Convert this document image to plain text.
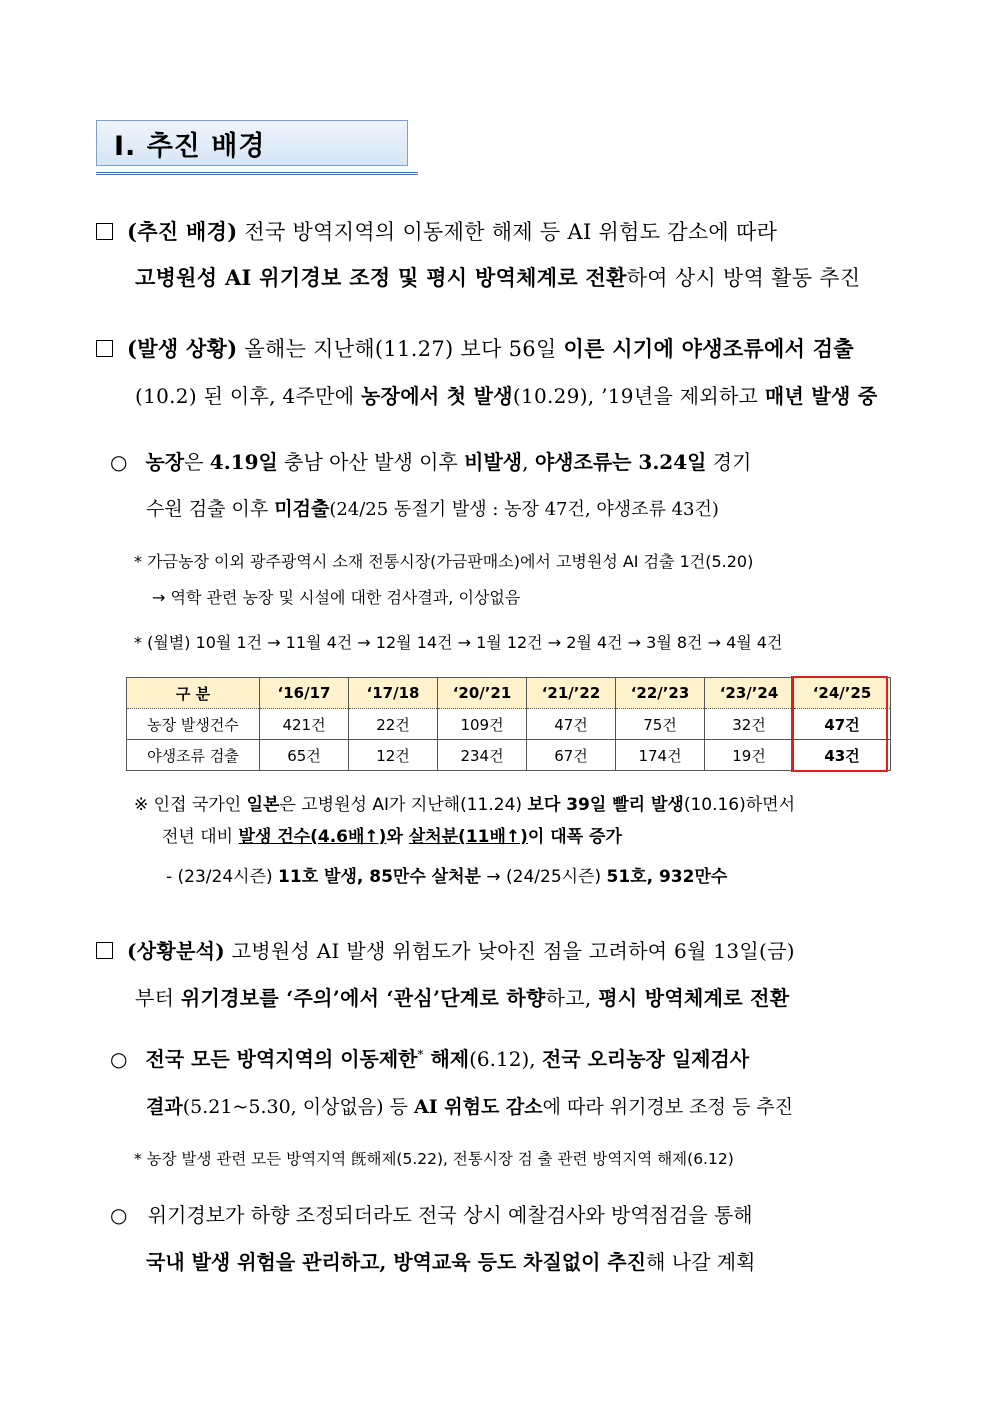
Ⅰ. 추진 배경
(추진 배경) 전국 방역지역의 이동제한 해제 등 AI 위험도 감소에 따라
고병원성 AI 위기경보 조정 및 평시 방역체계로 전환하여 상시 방역 활동 추진
(발생 상황) 올해는 지난해(11.27) 보다 56일 이른 시기에 야생조류에서 검출
(10.2) 된 이후, 4주만에 농장에서 첫 발생(10.29), ’19년을 제외하고 매년 발생 중
○ 농장은 4.19일 충남 아산 발생 이후 비발생, 야생조류는 3.24일 경기
수원 검출 이후 미검출(24/25 동절기 발생 : 농장 47건, 야생조류 43건)
* 가금농장 이외 광주광역시 소재 전통시장(가금판매소)에서 고병원성 AI 검출 1건(5.20)
→ 역학 관련 농장 및 시설에 대한 검사결과, 이상없음
* (월별) 10월 1건 → 11월 4건 → 12월 14건 → 1월 12건 → 2월 4건 → 3월 8건 → 4월 4건
구 분	‘16/17	‘17/18	‘20/’21	‘21/’22	‘22/’23	‘23/’24	‘24/’25
농장 발생건수	421건	22건	109건	47건	75건	32건	47건
야생조류 검출	65건	12건	234건	67건	174건	19건	43건
※ 인접 국가인 일본은 고병원성 AI가 지난해(11.24) 보다 39일 빨리 발생(10.16)하면서
전년 대비 발생 건수(4.6배↑)와 살처분(11배↑)이 대폭 증가
- (23/24시즌) 11호 발생, 85만수 살처분 → (24/25시즌) 51호, 932만수
(상황분석) 고병원성 AI 발생 위험도가 낮아진 점을 고려하여 6월 13일(금)
부터 위기경보를 ‘주의’에서 ‘관심’단계로 하향하고, 평시 방역체계로 전환
○ 전국 모든 방역지역의 이동제한* 해제(6.12), 전국 오리농장 일제검사
결과(5.21~5.30, 이상없음) 등 AI 위험도 감소에 따라 위기경보 조정 등 추진
* 농장 발생 관련 모든 방역지역 旣해제(5.22), 전통시장 검 출 관련 방역지역 해제(6.12)
○ 위기경보가 하향 조정되더라도 전국 상시 예찰검사와 방역점검을 통해
국내 발생 위험을 관리하고, 방역교육 등도 차질없이 추진해 나갈 계획
